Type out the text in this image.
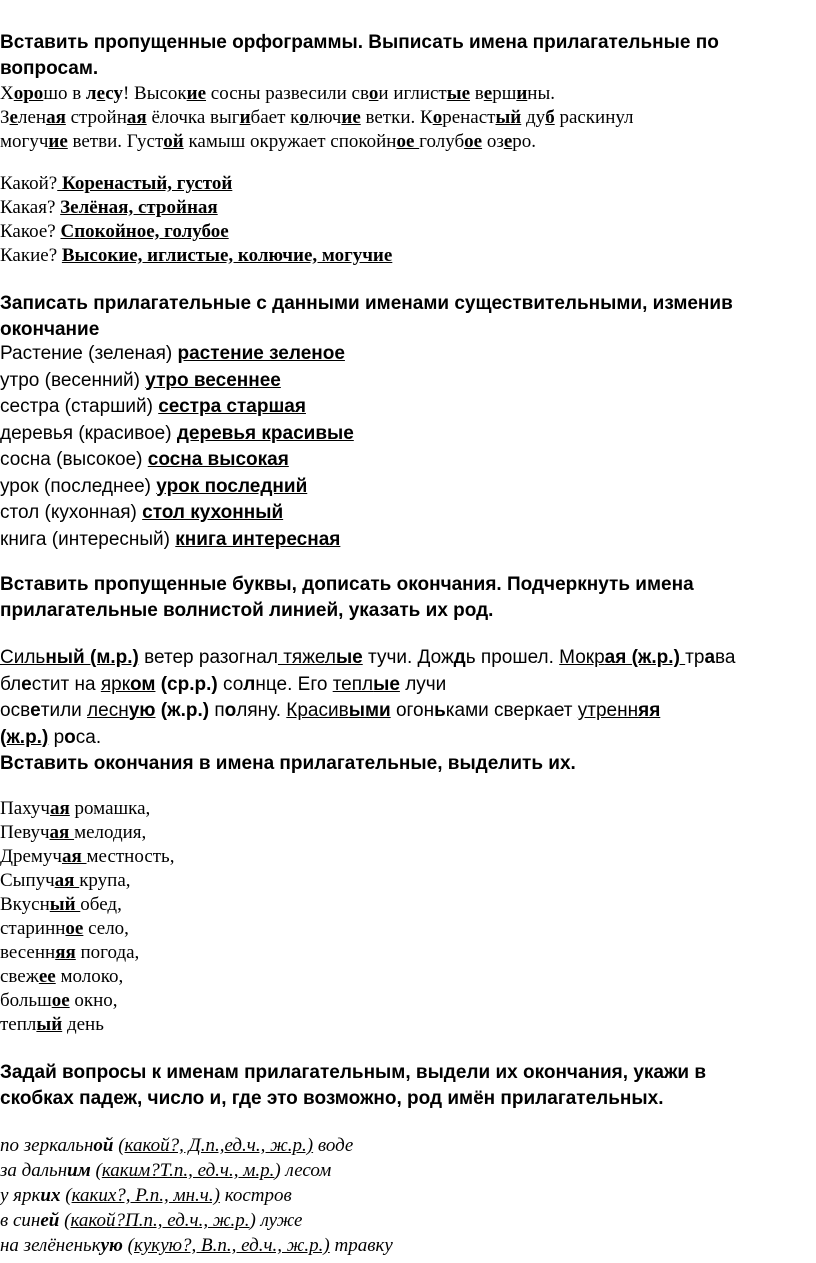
Вставить пропущенные орфограммы. Выписать имена прилагательные по
вопросам.
Хорошо в лесу! Высокие сосны развесили свои иглистые вершины.
Зеленая стройная ёлочка выгибает колючие ветки. Коренастый дуб раскинул
могучие ветви. Густой камыш окружает спокойное голубое озеро.
Какой? Коренастый, густой
Какая? Зелёная, стройная
Какое? Спокойное, голубое
Какие? Высокие, иглистые, колючие, могучие
Записать прилагательные с данными именами существительными, изменив
окончание
Растение (зеленая) растение зеленое
утро (весенний) утро весеннее
сестра (старший) сестра старшая
деревья (красивое) деревья красивые
сосна (высокое) сосна высокая
урок (последнее) урок последний
стол (кухонная) стол кухонный
книга (интересный) книга интересная
Вставить пропущенные буквы, дописать окончания. Подчеркнуть имена
прилагательные волнистой линией, указать их род.
Сильный (м.р.) ветер разогнал тяжелые тучи. Дождь прошел. Мокрая (ж.р.) трава
блестит на ярком (ср.р.) солнце. Его теплые лучи
осветили лесную (ж.р.) поляну. Красивыми огоньками сверкает утренняя
(ж.р.) роса.
Вставить окончания в имена прилагательные, выделить их.
Пахучая ромашка,
Певучая мелодия,
Дремучая местность,
Сыпучая крупа,
Вкусный обед,
старинное село,
весенняя погода,
свежее молоко,
большое окно,
теплый день
Задай вопросы к именам прилагательным, выдели их окончания, укажи в
скобках падеж, число и, где это возможно, род имён прилагательных.
по зеркальной (какой?, Д.п.,ед.ч., ж.р.) воде
за дальним (каким?Т.п., ед.ч., м.р.) лесом
у ярких (каких?, Р.п., мн.ч.) костров
в синей (какой?П.п., ед.ч., ж.р.) луже
на зелёненькую (кукую?, В.п., ед.ч., ж.р.) травку
